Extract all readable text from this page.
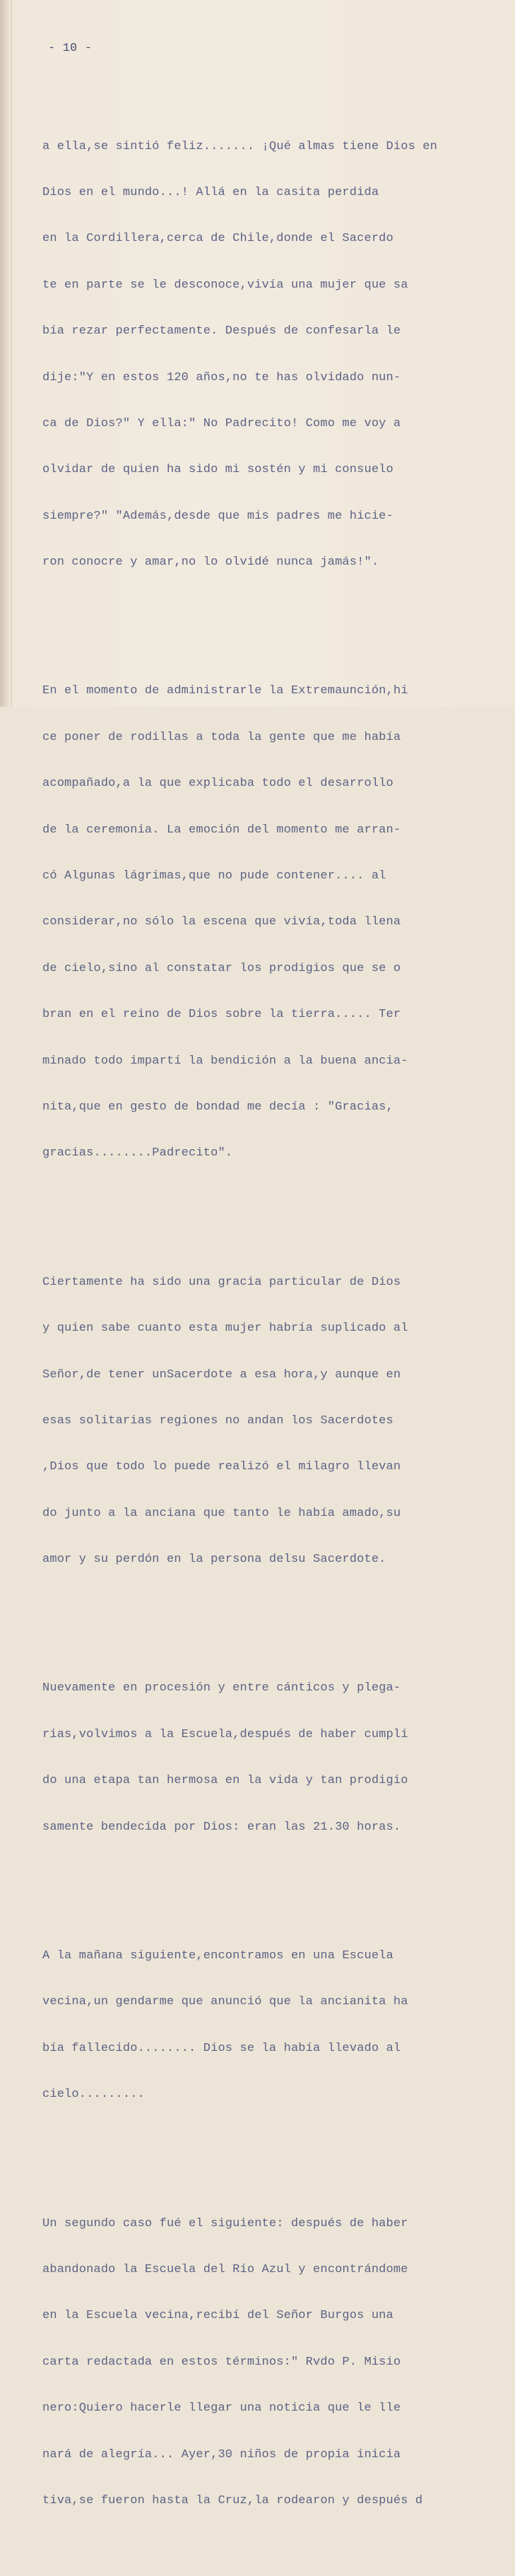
- 10 -

a ella,se sintió feliz....... ¡Qué almas tiene Dios en

Dios en el mundo...! Allá en la casita perdida

en la Cordillera,cerca de Chile,donde el Sacerdo

te en parte se le desconoce,vivía una mujer que sa

bía rezar perfectamente. Después de confesarla le

dije:"Y en estos 120 años,no te has olvidado nun-

ca de Dios?" Y ella:" No Padrecito! Como me voy a

olvidar de quien ha sido mi sostén y mi consuelo

siempre?" "Además,desde que mis padres me hicie-

ron conocre y amar,no lo olvidé nunca jamás!".

En el momento de administrarle la Extremaunción,hi

ce poner de rodillas a toda la gente que me había

acompañado,a la que explicaba todo el desarrollo

de la ceremonia. La emoción del momento me arran-

có Algunas lágrimas,que no pude contener.... al

considerar,no sólo la escena que vivía,toda llena

de cielo,sino al constatar los prodigios que se o

bran en el reino de Dios sobre la tierra..... Ter

minado todo impartí la bendición a la buena ancia-

nita,que en gesto de bondad me decía : "Gracias,

gracias........Padrecito".

Ciertamente ha sido una gracia particular de Dios

y quien sabe cuanto esta mujer habría suplicado al

Señor,de tener unSacerdote a esa hora,y aunque en

esas solitarias regiones no andan los Sacerdotes

,Dios que todo lo puede realizó el milagro llevan

do junto a la anciana que tanto le había amado,su

amor y su perdón en la persona delsu Sacerdote.

Nuevamente en procesión y entre cánticos y plega-

rias,volvimos a la Escuela,después de haber cumpli

do una etapa tan hermosa en la vida y tan prodigio

samente bendecida por Dios: eran las 21.30 horas.

A la mañana siguiente,encontramos en una Escuela

vecina,un gendarme que anunció que la ancianita ha

bía fallecido........ Dios se la había llevado al

cielo.........

Un segundo caso fué el siguiente: después de haber

abandonado la Escuela del Río Azul y encontrándome

en la Escuela vecina,recibí del Señor Burgos una

carta redactada en estos términos:" Rvdo P. Misio

nero:Quiero hacerle llegar una noticia que le lle

nará de alegría... Ayer,30 niños de propia inicia

tiva,se fueron hasta la Cruz,la rodearon y después d
